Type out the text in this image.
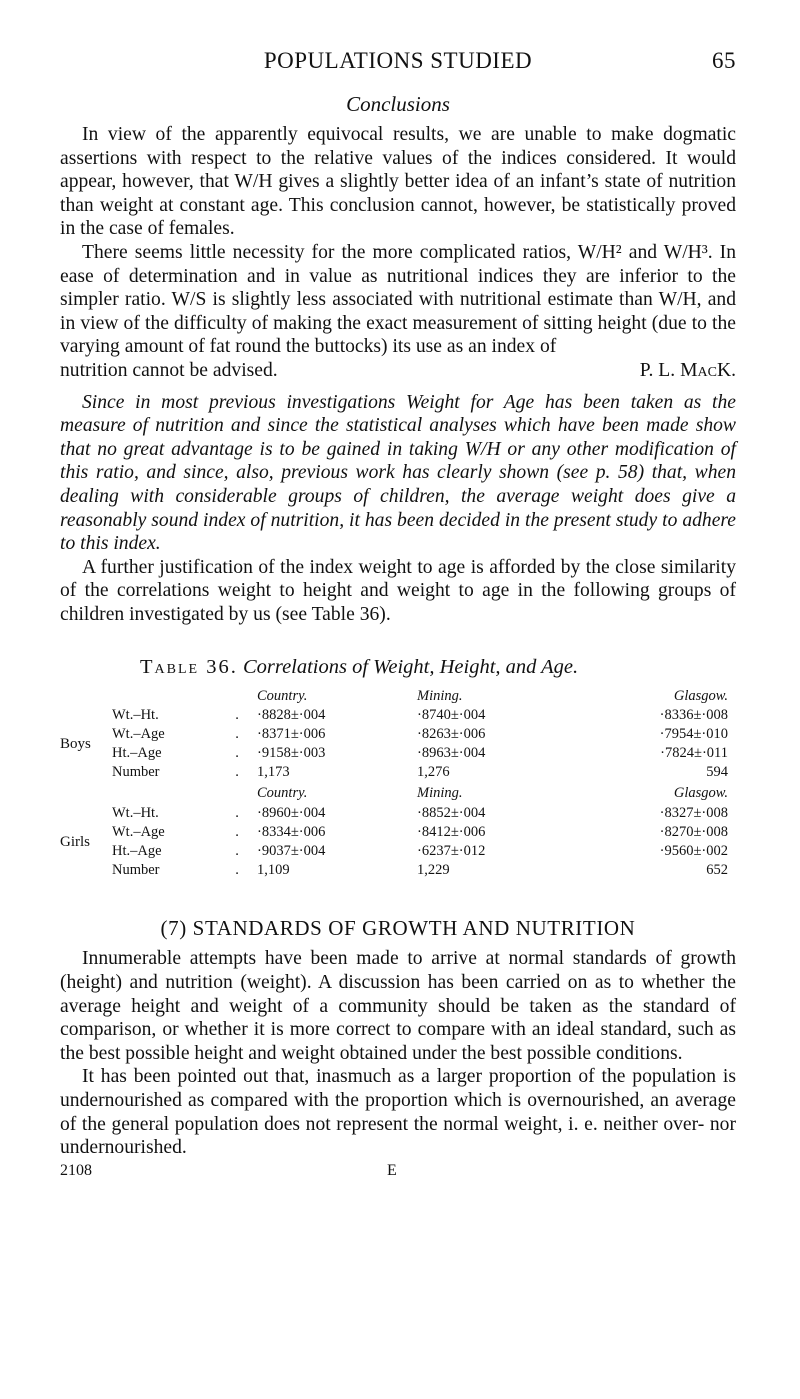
POPULATIONS STUDIED	65
Conclusions

In view of the apparently equivocal results, we are unable to make dogmatic assertions with respect to the relative values of the indices considered. It would appear, however, that W/H gives a slightly better idea of an infant’s state of nutrition than weight at constant age. This conclusion cannot, however, be statistically proved in the case of females.

There seems little necessity for the more complicated ratios, W/H² and W/H³. In ease of determination and in value as nutritional indices they are inferior to the simpler ratio. W/S is slightly less associated with nutritional estimate than W/H, and in view of the difficulty of making the exact measurement of sitting height (due to the varying amount of fat round the buttocks) its use as an index of

nutrition cannot be advised.	P. L. MacK.

Since in most previous investigations Weight for Age has been taken as the measure of nutrition and since the statistical analyses which have been made show that no great advantage is to be gained in taking W/H or any other modification of this ratio, and since, also, previous work has clearly shown (see p. 58) that, when dealing with considerable groups of children, the average weight does give a reasonably sound index of nutrition, it has been decided in the present study to adhere to this index.

A further justification of the index weight to age is afforded by the close similarity of the correlations weight to height and weight to age in the following groups of children investigated by us (see Table 36).

Table 36. Correlations of Weight, Height, and Age.
			Country.	Mining.	Glasgow.
Boys	Wt.–Ht.	.	·8828±·004	·8740±·004	·8336±·008
	Wt.–Age	.	·8371±·006	·8263±·006	·7954±·010
	Ht.–Age	.	·9158±·003	·8963±·004	·7824±·011
	Number	.	1,173	1,276	594
			Country.	Mining.	Glasgow.
Girls	Wt.–Ht.	.	·8960±·004	·8852±·004	·8327±·008
	Wt.–Age	.	·8334±·006	·8412±·006	·8270±·008
	Ht.–Age	.	·9037±·004	·6237±·012	·9560±·002
	Number	.	1,109	1,229	652
(7) STANDARDS OF GROWTH AND NUTRITION

Innumerable attempts have been made to arrive at normal standards of growth (height) and nutrition (weight). A discussion has been carried on as to whether the average height and weight of a community should be taken as the standard of comparison, or whether it is more correct to compare with an ideal standard, such as the best possible height and weight obtained under the best possible conditions.

It has been pointed out that, inasmuch as a larger proportion of the population is undernourished as compared with the proportion which is overnourished, an average of the general population does not represent the normal weight, i. e. neither over- nor undernourished.

2108	E
